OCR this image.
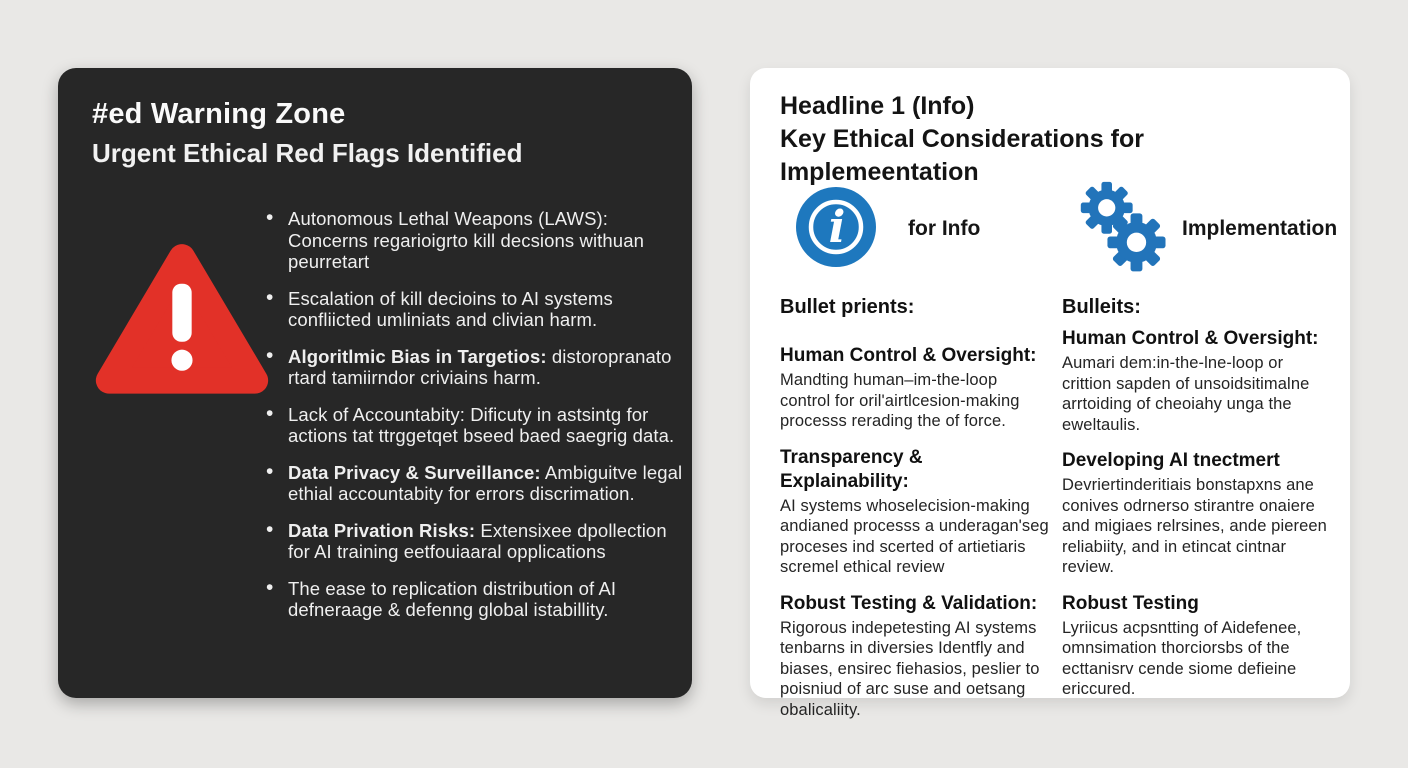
#ed Warning Zone
Urgent Ethical Red Flags Identified
• Autonomous Lethal Weapons (LAWS): Concerns regarioigrto kill decsions withuan peurretart
• Escalation of kill decioins to AI systems confliicted umliniats and clivian harm.
• Algoritlmic Bias in Targetios: distoropranato rtard tamiirndor criviains harm.
• Lack of Accountabity: Dificuty in astsintg for actions tat ttrggetqet bseed baed saegrig data.
• Data Privacy & Surveillance: Ambiguitve legal ethial accountabity for errors discrimation.
• Data Privation Risks: Extensixee dpollection for AI training eetfouiaaral opplications
• The ease to replication distribution of AI defneraage & defenng global istabillity.
Headline 1 (Info)
Key Ethical Considerations for Implemeentation
i	for Info	Implementation
Bullet prients:
Human Control & Oversight:

Mandting human–im-the-loop control for oril'airtlcesion-making processs rerading the of force.

Transparency & Explainability:

AI systems whoselecision-making andianed processs a underagan'seg proceses ind scerted of artietiaris scremel ethical review

Robust Testing & Validation:

Rigorous indepetesting AI systems tenbarns in diversies Identfly and biases, ensirec fiehasios, peslier to poisniud of arc suse and oetsang obalicaliity.

Bulleits:
Human Control & Oversight:

Aumari dem:in-the-lne-loop or crittion sapden of unsoidsitimalne arrtoiding of cheoiahy unga the eweltaulis.

Developing AI tnectmert

Devriertinderitiais bonstapxns ane conives odrnerso stirantre onaiere and migiaes relrsines, ande piereen reliabiity, and in etincat cintnar review.

Robust Testing

Lyriicus acpsntting of Aidefenee, omnsimation thorciorsbs of the ecttanisrv cende siome defieine ericcured.
